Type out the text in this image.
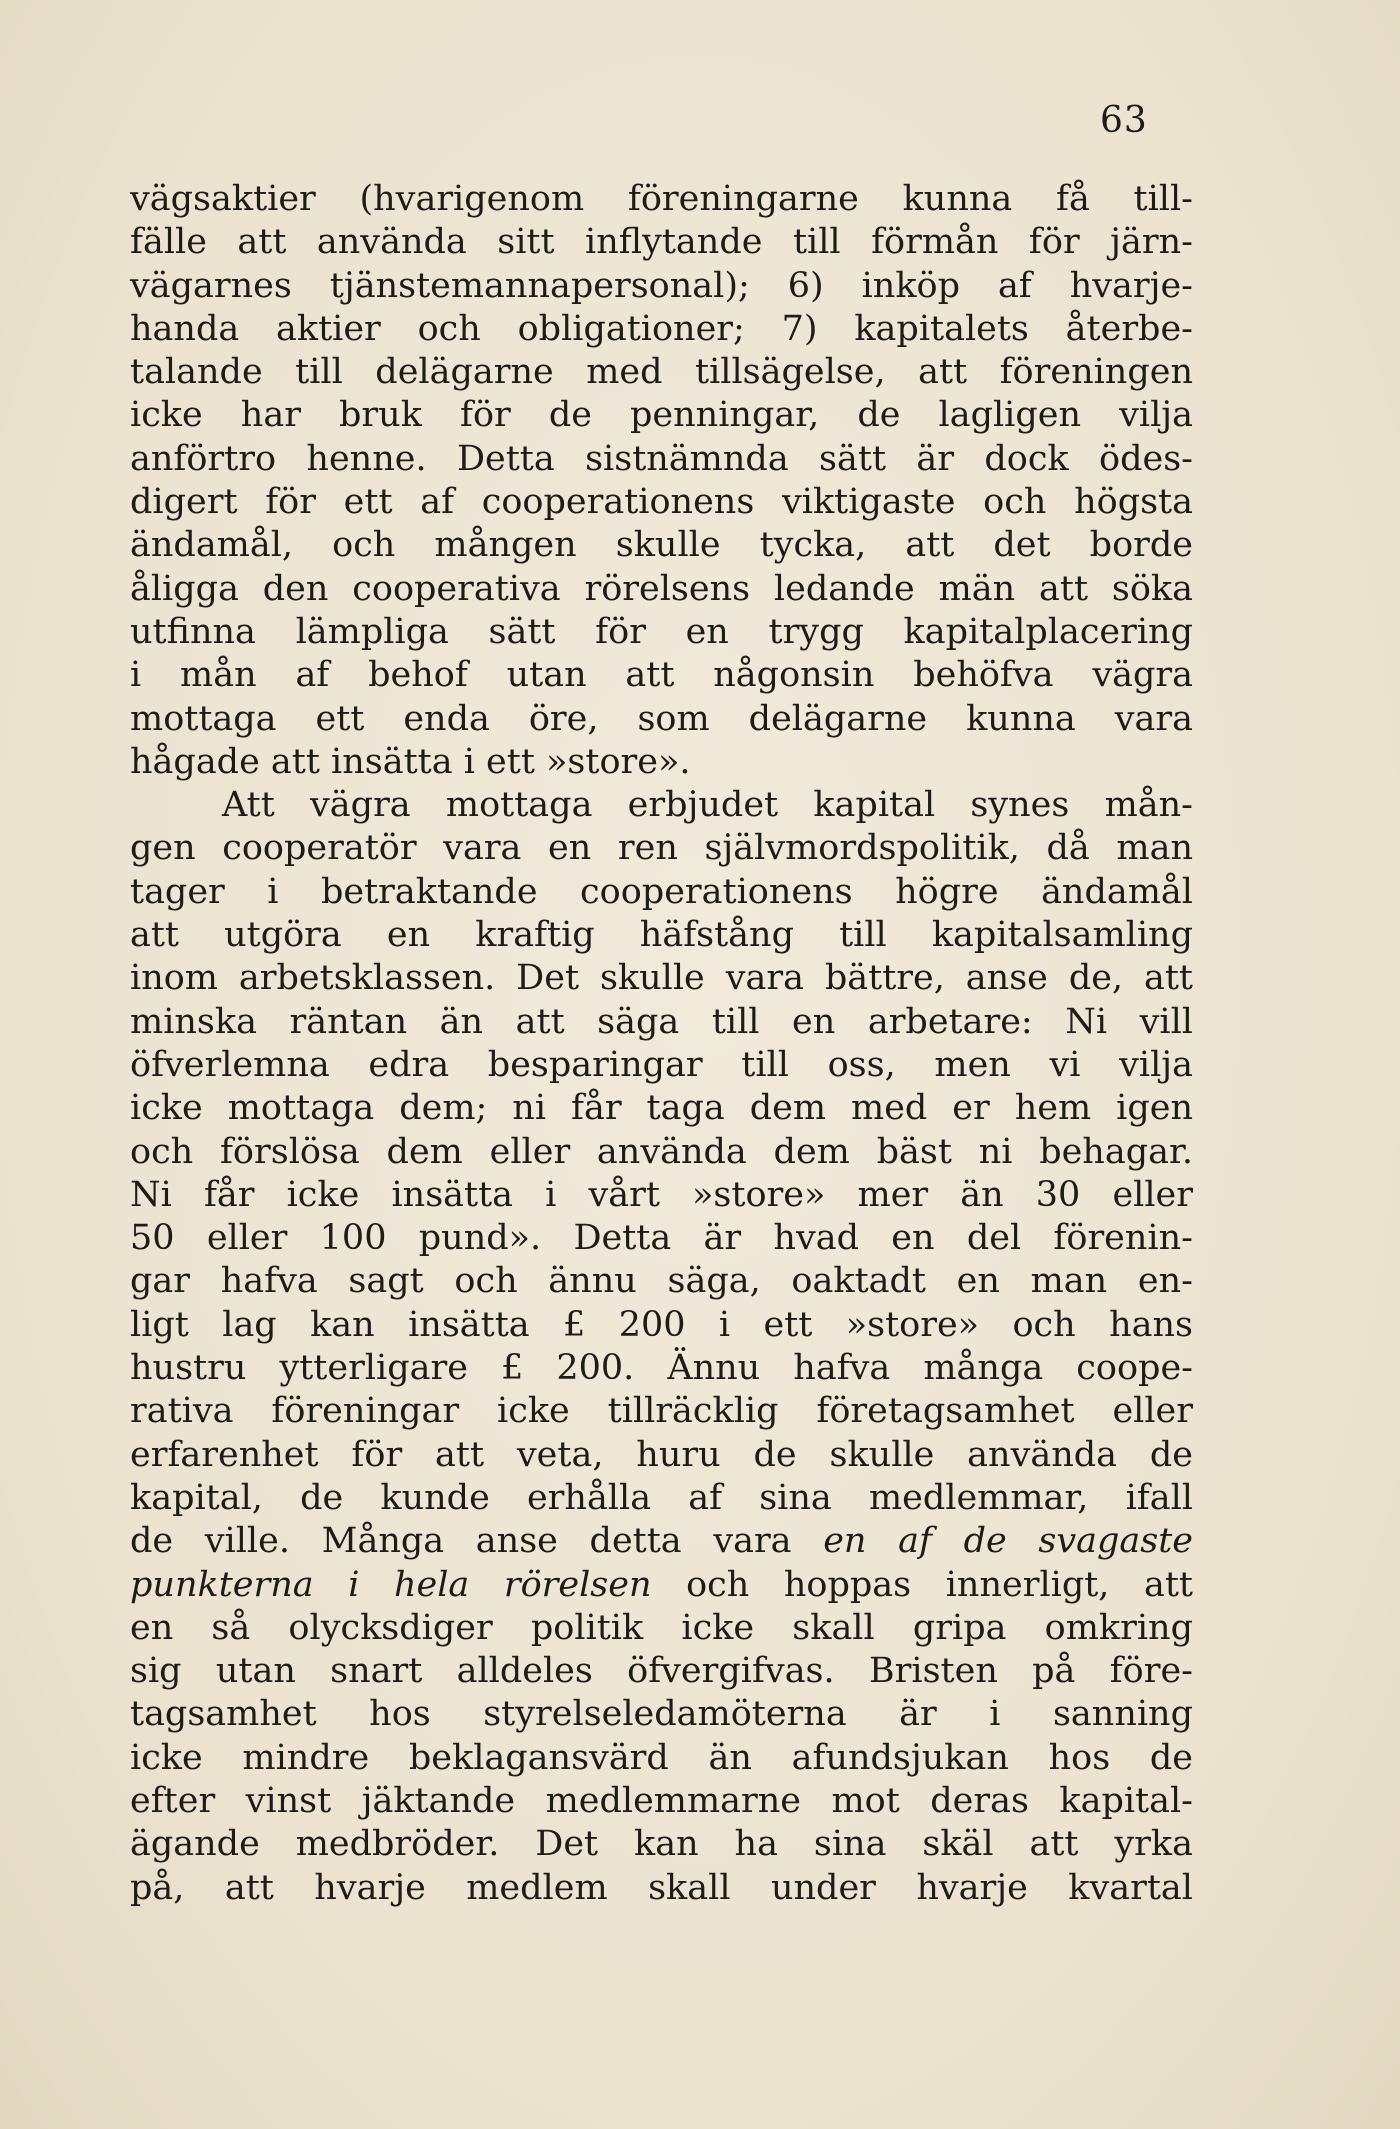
63
vägsaktier (hvarigenom föreningarne kunna få till-
fälle att använda sitt inflytande till förmån för järn-
vägarnes tjänstemannapersonal); 6) inköp af hvarje-
handa aktier och obligationer; 7) kapitalets återbe-
talande till delägarne med tillsägelse, att föreningen
icke har bruk för de penningar, de lagligen vilja
anförtro henne. Detta sistnämnda sätt är dock ödes-
digert för ett af cooperationens viktigaste och högsta
ändamål, och mången skulle tycka, att det borde
åligga den cooperativa rörelsens ledande män att söka
utfinna lämpliga sätt för en trygg kapitalplacering
i mån af behof utan att någonsin behöfva vägra
mottaga ett enda öre, som delägarne kunna vara
hågade att insätta i ett »store».
Att vägra mottaga erbjudet kapital synes mån-
gen cooperatör vara en ren självmordspolitik, då man
tager i betraktande cooperationens högre ändamål
att utgöra en kraftig häfstång till kapitalsamling
inom arbetsklassen. Det skulle vara bättre, anse de, att
minska räntan än att säga till en arbetare: Ni vill
öfverlemna edra besparingar till oss, men vi vilja
icke mottaga dem; ni får taga dem med er hem igen
och förslösa dem eller använda dem bäst ni behagar.
Ni får icke insätta i vårt »store» mer än 30 eller
50 eller 100 pund». Detta är hvad en del förenin-
gar hafva sagt och ännu säga, oaktadt en man en-
ligt lag kan insätta £ 200 i ett »store» och hans
hustru ytterligare £ 200. Ännu hafva många coope-
rativa föreningar icke tillräcklig företagsamhet eller
erfarenhet för att veta, huru de skulle använda de
kapital, de kunde erhålla af sina medlemmar, ifall
de ville. Många anse detta vara en af de svagaste
punkterna i hela rörelsen och hoppas innerligt, att
en så olycksdiger politik icke skall gripa omkring
sig utan snart alldeles öfvergifvas. Bristen på före-
tagsamhet hos styrelseledamöterna är i sanning
icke mindre beklagansvärd än afundsjukan hos de
efter vinst jäktande medlemmarne mot deras kapital-
ägande medbröder. Det kan ha sina skäl att yrka
på, att hvarje medlem skall under hvarje kvartal
